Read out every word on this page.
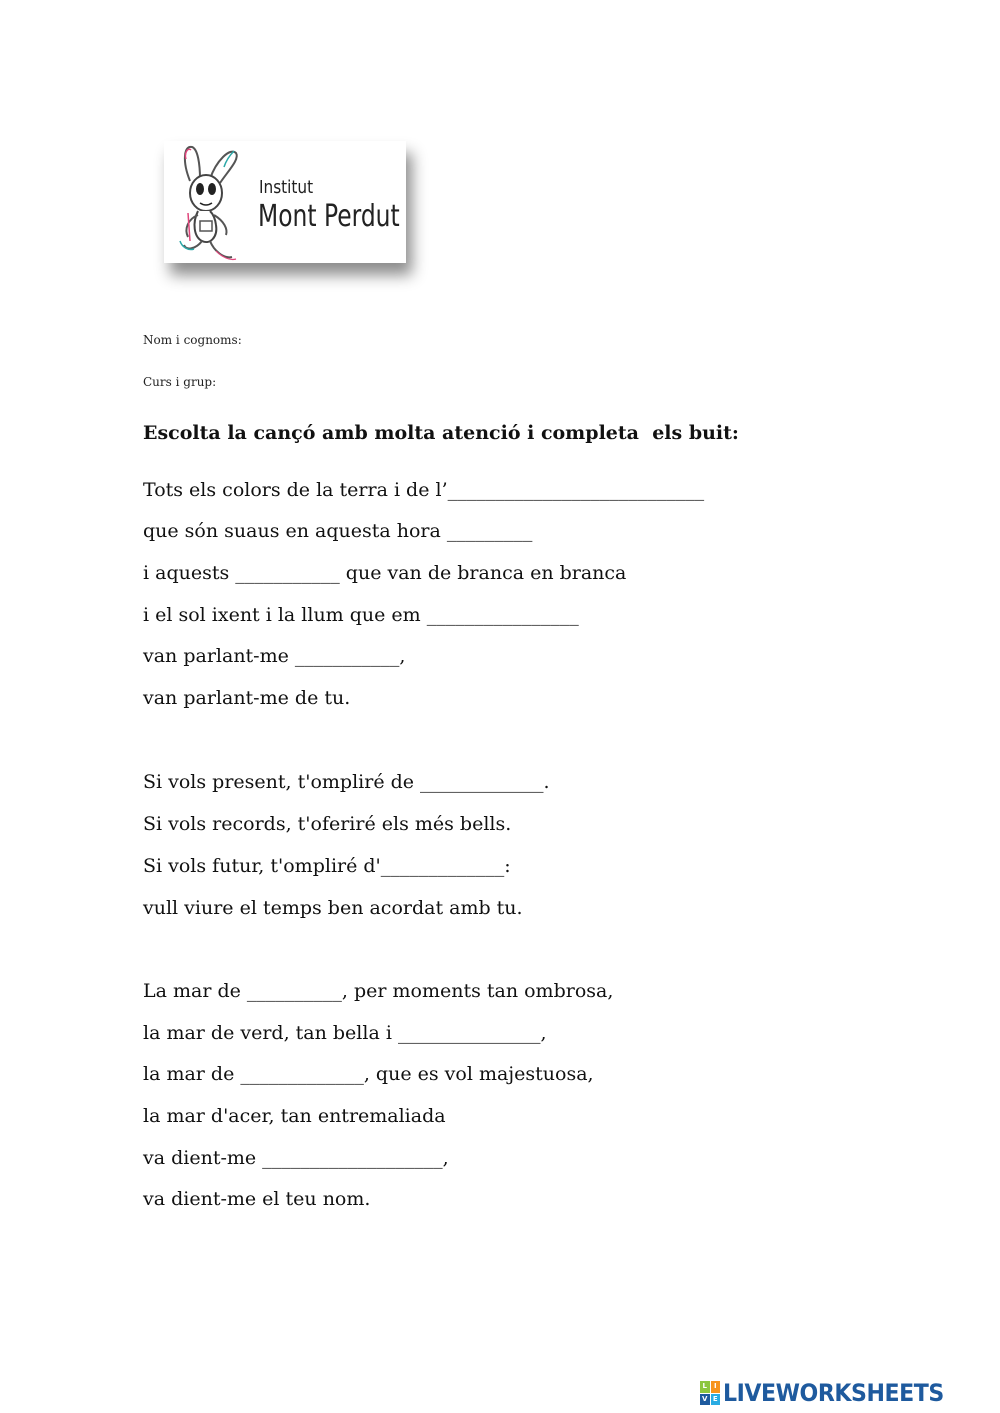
Institut
Mont Perdut
Nom i cognoms:
Curs i grup:
Escolta la cançó amb molta atenció i completa  els buit:
Tots els colors de la terra i de l’___________________________
que són suaus en aquesta hora _________
i aquests ___________ que van de branca en branca
i el sol ixent i la llum que em ________________
van parlant-me ___________,
van parlant-me de tu.
Si vols present, t'ompliré de _____________.
Si vols records, t'oferiré els més bells.
Si vols futur, t'ompliré d'_____________:
vull viure el temps ben acordat amb tu.
La mar de __________, per moments tan ombrosa,
la mar de verd, tan bella i _______________,
la mar de _____________, que es vol majestuosa,
la mar d'acer, tan entremaliada
va dient-me ___________________,
va dient-me el teu nom.
L I
V E LIVEWORKSHEETS
